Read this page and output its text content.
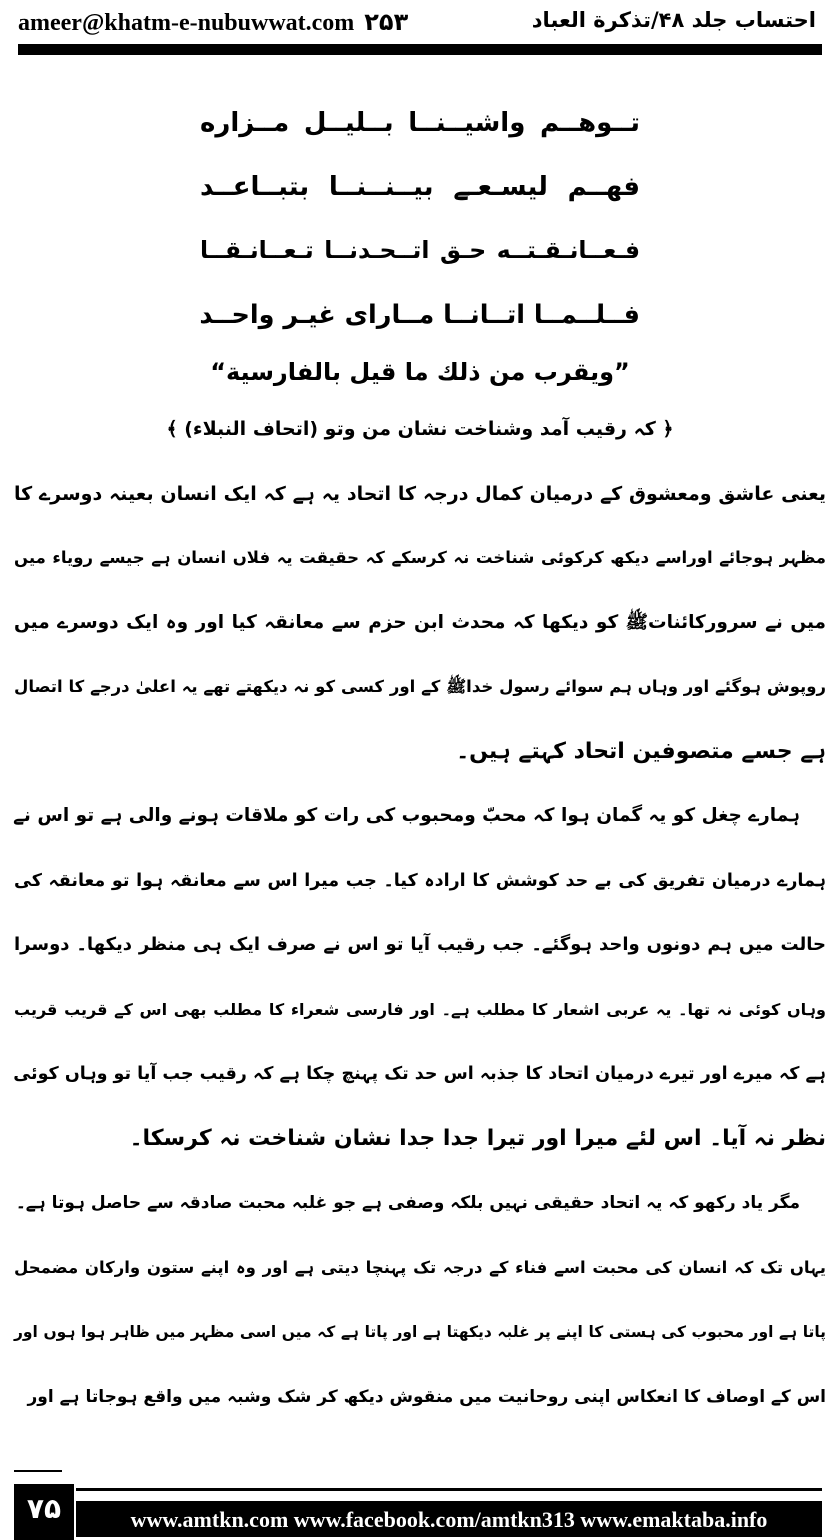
ameer@khatm-e-nubuwwat.com ۲۵۳	احتساب جلد ۴۸/تذکرة العباد
تــوھــم واشیــنــا بــلیــل مــزاره
فھــم لیسـعـے بیــنــنــا بتبــاعــد
فـعــانـقـتــه حـق اتــحـدنــا تـعــانـقــا
فــلــمــا اتــانــا مــارای غیـر واحــد
”ویقرب من ذلك ما قیل بالفارسیة“
﴿ کہ رقیب آمد وشناخت نشان من وتو (اتحاف النبلاء) ﴾
یعنی عاشق ومعشوق کے درمیان کمال درجہ کا اتحاد یہ ہے کہ ایک انسان بعینہ دوسرے کا
مظہر ہوجائے اوراسے دیکھ کرکوئی شناخت نہ کرسکے کہ حقیقت یہ فلاں انسان ہے جیسے رویاء میں
میں نے سرورکائناتﷺ کو دیکھا کہ محدث ابن حزم سے معانقہ کیا اور وہ ایک دوسرے میں
روپوش ہوگئے اور وہاں ہم سوائے رسول خداﷺ کے اور کسی کو نہ دیکھتے تھے یہ اعلیٰ درجے کا اتصال
ہے جسے متصوفین اتحاد کہتے ہیں۔
ہمارے چغل کو یہ گمان ہوا کہ محبّ ومحبوب کی رات کو ملاقات ہونے والی ہے تو اس نے
ہمارے درمیان تفریق کی بے حد کوشش کا ارادہ کیا۔ جب میرا اس سے معانقہ ہوا تو معانقہ کی
حالت میں ہم دونوں واحد ہوگئے۔ جب رقیب آیا تو اس نے صرف ایک ہی منظر دیکھا۔ دوسرا
وہاں کوئی نہ تھا۔ یہ عربی اشعار کا مطلب ہے۔ اور فارسی شعراء کا مطلب بھی اس کے قریب قریب
ہے کہ میرے اور تیرے درمیان اتحاد کا جذبہ اس حد تک پہنچ چکا ہے کہ رقیب جب آیا تو وہاں کوئی
نظر نہ آیا۔ اس لئے میرا اور تیرا جدا جدا نشان شناخت نہ کرسکا۔
مگر یاد رکھو کہ یہ اتحاد حقیقی نہیں بلکہ وصفی ہے جو غلبہ محبت صادقہ سے حاصل ہوتا ہے۔
یہاں تک کہ انسان کی محبت اسے فناء کے درجہ تک پہنچا دیتی ہے اور وہ اپنے ستون وارکان مضمحل
پاتا ہے اور محبوب کی ہستی کا اپنے پر غلبہ دیکھتا ہے اور پاتا ہے کہ میں اسی مظہر میں ظاہر ہوا ہوں اور
اس کے اوصاف کا انعکاس اپنی روحانیت میں منقوش دیکھ کر شک وشبہ میں واقع ہوجاتا ہے اور
۷۵	www.amtkn.com www.facebook.com/amtkn313 www.emaktaba.info
